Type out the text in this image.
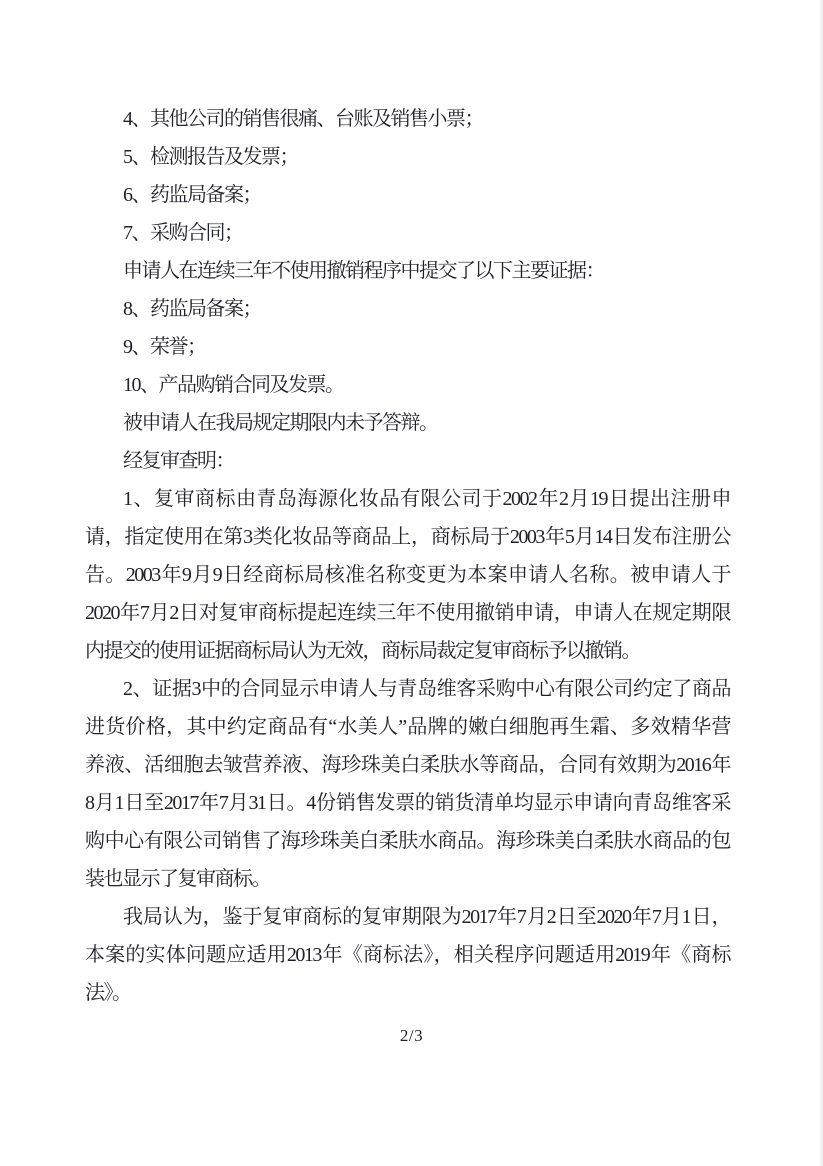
4、其他公司的销售很痛、台账及销售小票；
5、检测报告及发票；
6、药监局备案；
7、采购合同；
申请人在连续三年不使用撤销程序中提交了以下主要证据：
8、药监局备案；
9、荣誉；
10、产品购销合同及发票。
被申请人在我局规定期限内未予答辩。
经复审查明：
1、复审商标由青岛海源化妆品有限公司于2002年2月19日提出注册申
请，指定使用在第3类化妆品等商品上，商标局于2003年5月14日发布注册公
告。2003年9月9日经商标局核准名称变更为本案申请人名称。被申请人于
2020年7月2日对复审商标提起连续三年不使用撤销申请，申请人在规定期限
内提交的使用证据商标局认为无效，商标局裁定复审商标予以撤销。
2、证据3中的合同显示申请人与青岛维客采购中心有限公司约定了商品
进货价格，其中约定商品有“水美人”品牌的嫩白细胞再生霜、多效精华营
养液、活细胞去皱营养液、海珍珠美白柔肤水等商品，合同有效期为2016年
8月1日至2017年7月31日。4份销售发票的销货清单均显示申请向青岛维客采
购中心有限公司销售了海珍珠美白柔肤水商品。海珍珠美白柔肤水商品的包
装也显示了复审商标。
我局认为，鉴于复审商标的复审期限为2017年7月2日至2020年7月1日，
本案的实体问题应适用2013年《商标法》，相关程序问题适用2019年《商标
法》。
2/3
